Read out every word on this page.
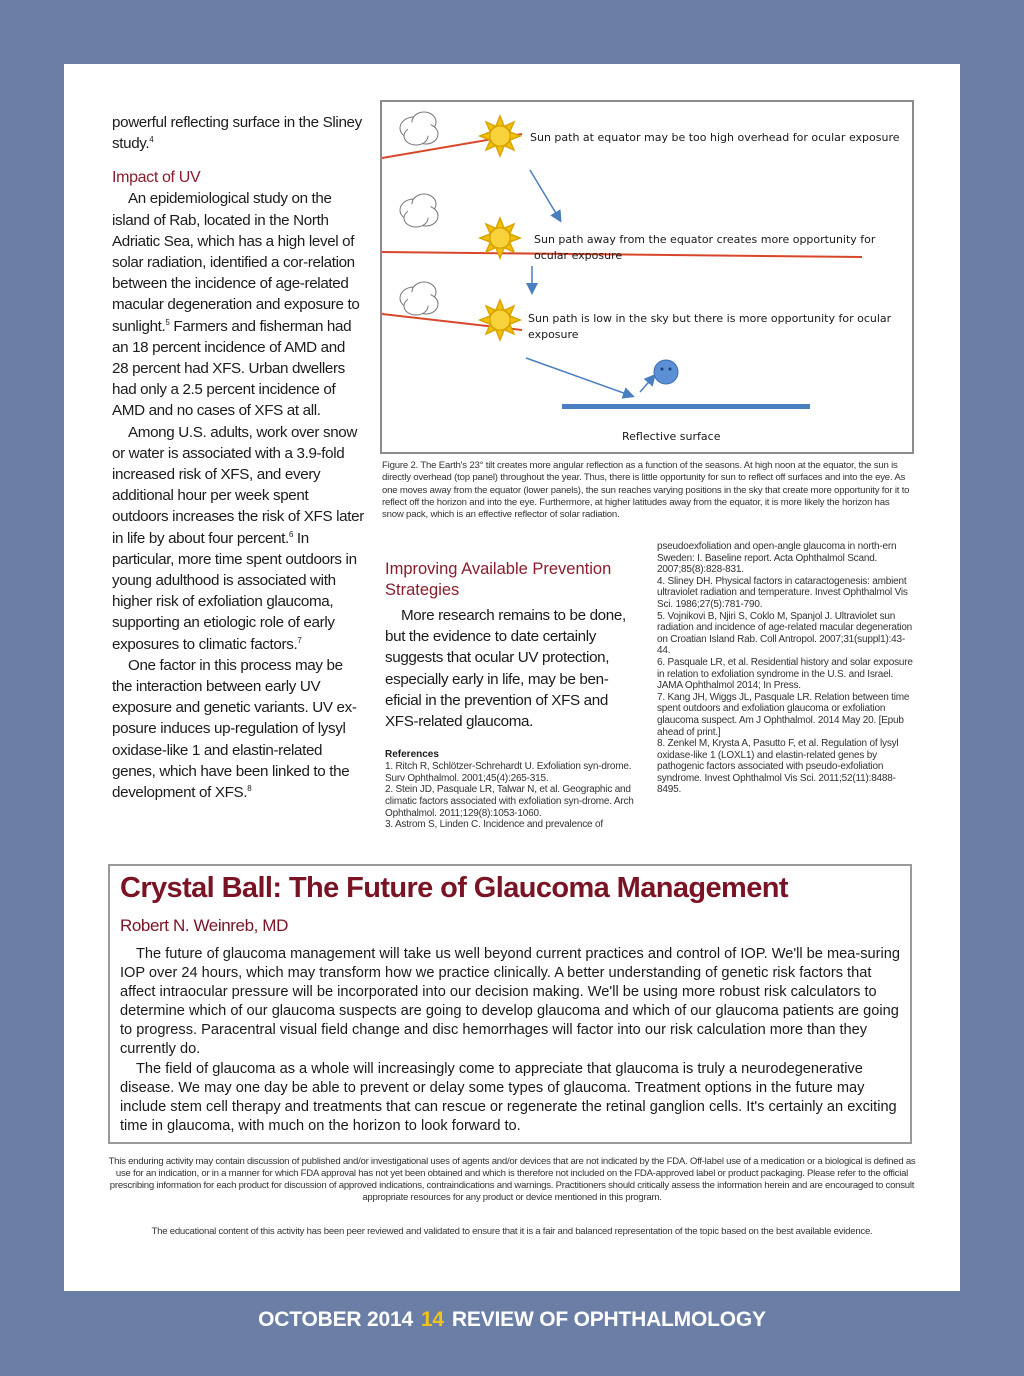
powerful reflecting surface in the Sliney study.$^4$

Impact of UV

An epidemiological study on the island of Rab, located in the North Adriatic Sea, which has a high level of solar radiation, identified a cor-relation between the incidence of age-related macular degeneration and exposure to sunlight.$^5$ Farmers and fisherman had an 18 percent incidence of AMD and 28 percent had XFS. Urban dwellers had only a 2.5 percent incidence of AMD and no cases of XFS at all.

Among U.S. adults, work over snow or water is associated with a 3.9-fold increased risk of XFS, and every additional hour per week spent outdoors increases the risk of XFS later in life by about four percent.$^6$ In particular, more time spent outdoors in young adulthood is associated with higher risk of exfoliation glaucoma, supporting an etiologic role of early exposures to climatic factors.$^7$

One factor in this process may be the interaction between early UV exposure and genetic variants. UV ex-posure induces up-regulation of lysyl oxidase-like 1 and elastin-related genes, which have been linked to the development of XFS.$^8$

Sun path at equator may be too high overhead for ocular exposure
Sun path away from the equator creates more opportunity for
ocular exposure
Sun path is low in the sky but there is more opportunity for ocular
exposure
Reflective surface
Figure 2. The Earth's 23° tilt creates more angular reflection as a function of the seasons. At high noon at the equator, the sun is directly overhead (top panel) throughout the year. Thus, there is little opportunity for sun to reflect off surfaces and into the eye. As one moves away from the equator (lower panels), the sun reaches varying positions in the sky that create more opportunity for it to reflect off the horizon and into the eye. Furthermore, at higher latitudes away from the equator, it is more likely the horizon has snow pack, which is an effective reflector of solar radiation.
Improving Available Prevention Strategies

More research remains to be done, but the evidence to date certainly suggests that ocular UV protection, especially early in life, may be ben-eficial in the prevention of XFS and XFS-related glaucoma.

References
1. Ritch R, Schlötzer-Schrehardt U. Exfoliation syn-drome. Surv Ophthalmol. 2001;45(4):265-315.
2. Stein JD, Pasquale LR, Talwar N, et al. Geographic and climatic factors associated with exfoliation syn-drome. Arch Ophthalmol. 2011;129(8):1053-1060.
3. Astrom S, Linden C. Incidence and prevalence of
pseudoexfoliation and open-angle glaucoma in north-ern Sweden: I. Baseline report. Acta Ophthalmol Scand. 2007;85(8):828-831.
4. Sliney DH. Physical factors in cataractogenesis: ambient ultraviolet radiation and temperature. Invest Ophthalmol Vis Sci. 1986;27(5):781-790.
5. Vojnikovi B, Njiri S, Coklo M, Spanjol J. Ultraviolet sun radiation and incidence of age-related macular degeneration on Croatian Island Rab. Coll Antropol. 2007;31(suppl1):43-44.
6. Pasquale LR, et al. Residential history and solar exposure in relation to exfoliation syndrome in the U.S. and Israel. JAMA Ophthalmol 2014; In Press.
7. Kang JH, Wiggs JL, Pasquale LR. Relation between time spent outdoors and exfoliation glaucoma or exfoliation glaucoma suspect. Am J Ophthalmol. 2014 May 20. [Epub ahead of print.]
8. Zenkel M, Krysta A, Pasutto F, et al. Regulation of lysyl oxidase-like 1 (LOXL1) and elastin-related genes by pathogenic factors associated with pseudo-exfoliation syndrome. Invest Ophthalmol Vis Sci. 2011;52(11):8488-8495.
Crystal Ball: The Future of Glaucoma Management
Robert N. Weinreb, MD

The future of glaucoma management will take us well beyond current practices and control of IOP. We'll be mea-suring IOP over 24 hours, which may transform how we practice clinically. A better understanding of genetic risk factors that affect intraocular pressure will be incorporated into our decision making. We'll be using more robust risk calculators to determine which of our glaucoma suspects are going to develop glaucoma and which of our glaucoma patients are going to progress. Paracentral visual field change and disc hemorrhages will factor into our risk calculation more than they currently do.

The field of glaucoma as a whole will increasingly come to appreciate that glaucoma is truly a neurodegenerative disease. We may one day be able to prevent or delay some types of glaucoma. Treatment options in the future may include stem cell therapy and treatments that can rescue or regenerate the retinal ganglion cells. It's certainly an exciting time in glaucoma, with much on the horizon to look forward to.

This enduring activity may contain discussion of published and/or investigational uses of agents and/or devices that are not indicated by the FDA. Off-label use of a medication or a biological is defined as use for an indication, or in a manner for which FDA approval has not yet been obtained and which is therefore not included on the FDA-approved label or product packaging. Please refer to the official prescribing information for each product for discussion of approved indications, contraindications and warnings. Practitioners should critically assess the information herein and are encouraged to consult appropriate resources for any product or device mentioned in this program.
The educational content of this activity has been peer reviewed and validated to ensure that it is a fair and balanced representation of the topic based on the best available evidence.
OCTOBER 2014 14 REVIEW OF OPHTHALMOLOGY
